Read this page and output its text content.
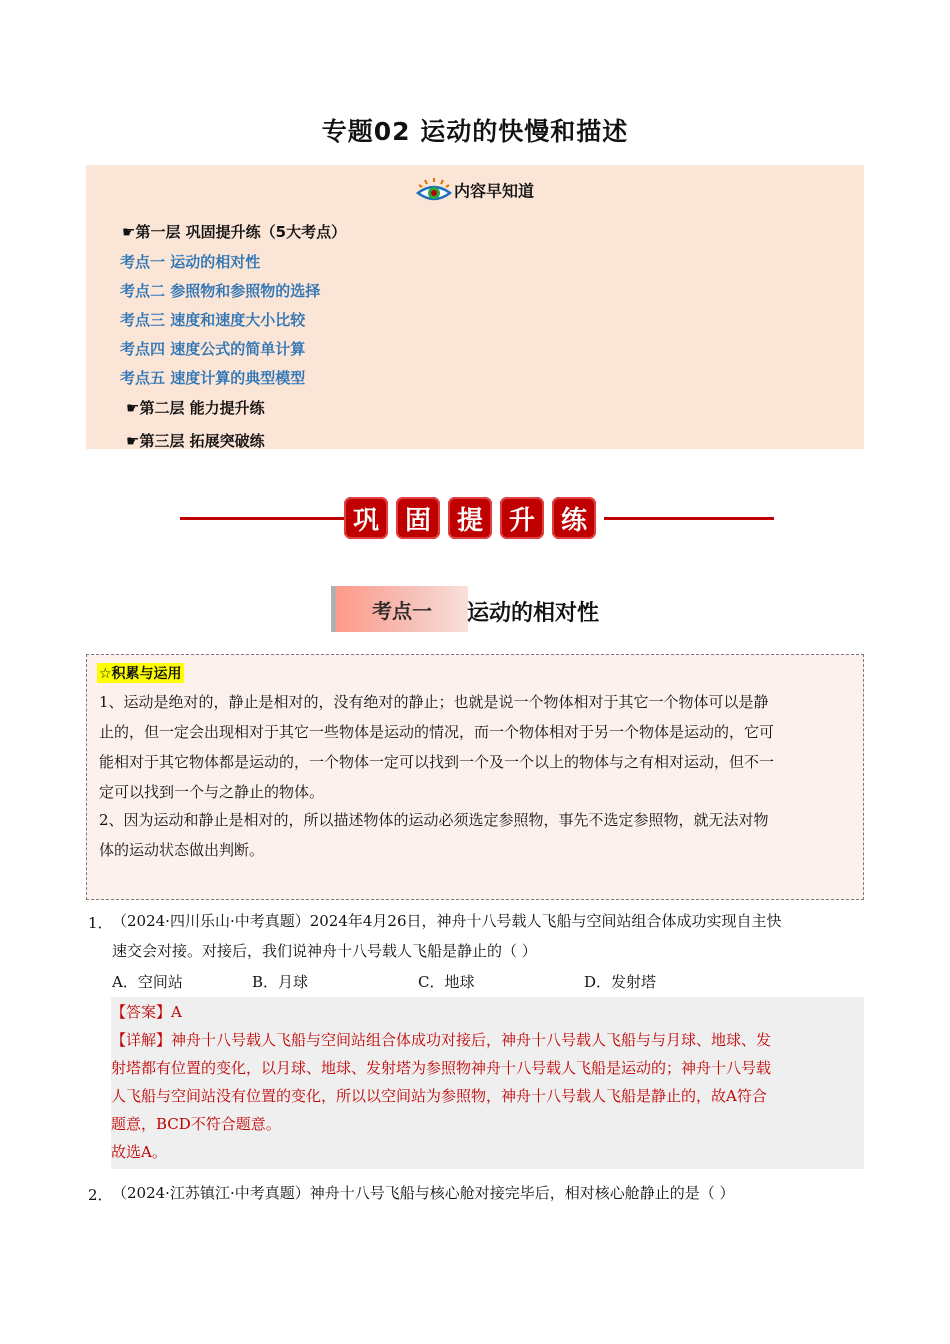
专题02 运动的快慢和描述
内容早知道
☛第一层 巩固提升练（5大考点）
考点一 运动的相对性
考点二 参照物和参照物的选择
考点三 速度和速度大小比较
考点四 速度公式的简单计算
考点五 速度计算的典型模型
☛第二层 能力提升练
☛第三层 拓展突破练
巩 固 提 升 练
考点一	运动的相对性
☆积累与运用
1、运动是绝对的，静止是相对的，没有绝对的静止；也就是说一个物体相对于其它一个物体可以是静
止的，但一定会出现相对于其它一些物体是运动的情况，而一个物体相对于另一个物体是运动的，它可
能相对于其它物体都是运动的，一个物体一定可以找到一个及一个以上的物体与之有相对运动，但不一
定可以找到一个与之静止的物体。
2、因为运动和静止是相对的，所以描述物体的运动必须选定参照物，事先不选定参照物，就无法对物
体的运动状态做出判断。
1． （2024·四川乐山·中考真题）2024年4月26日，神舟十八号载人飞船与空间站组合体成功实现自主快
速交会对接。对接后，我们说神舟十八号载人飞船是静止的（ ）
A．空间站	B．月球	C．地球	D．发射塔
【答案】A
【详解】神舟十八号载人飞船与空间站组合体成功对接后，神舟十八号载人飞船与与月球、地球、发
射塔都有位置的变化，以月球、地球、发射塔为参照物神舟十八号载人飞船是运动的；神舟十八号载
人飞船与空间站没有位置的变化，所以以空间站为参照物，神舟十八号载人飞船是静止的，故A符合
题意，BCD不符合题意。
故选A。
2． （2024·江苏镇江·中考真题）神舟十八号飞船与核心舱对接完毕后，相对核心舱静止的是（ ）
